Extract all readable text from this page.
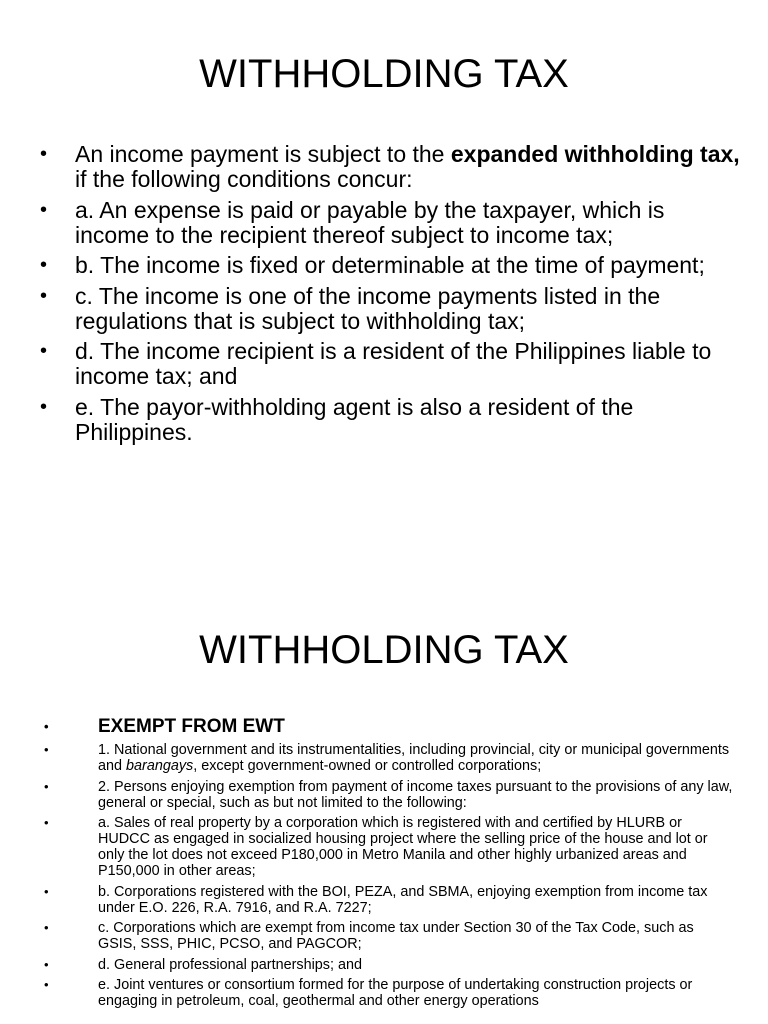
WITHHOLDING TAX
• An income payment is subject to the expanded withholding tax, if the following conditions concur:
• a. An expense is paid or payable by the taxpayer, which is income to the recipient thereof subject to income tax;
• b. The income is fixed or determinable at the time of payment;
• c. The income is one of the income payments listed in the regulations that is subject to withholding tax;
• d. The income recipient is a resident of the Philippines liable to income tax; and
• e. The payor-withholding agent is also a resident of the Philippines.
WITHHOLDING TAX
•	EXEMPT FROM EWT
•	1. National government and its instrumentalities, including provincial, city or municipal governments and barangays, except government-owned or controlled corporations;
•	2. Persons enjoying exemption from payment of income taxes pursuant to the provisions of any law, general or special, such as but not limited to the following:
•	a. Sales of real property by a corporation which is registered with and certified by HLURB or HUDCC as engaged in socialized housing project where the selling price of the house and lot or only the lot does not exceed P180,000 in Metro Manila and other highly urbanized areas and P150,000 in other areas;
•	b. Corporations registered with the BOI, PEZA, and SBMA, enjoying exemption from income tax under E.O. 226, R.A. 7916, and R.A. 7227;
•	c. Corporations which are exempt from income tax under Section 30 of the Tax Code, such as GSIS, SSS, PHIC, PCSO, and PAGCOR;
•	d. General professional partnerships; and
•	e. Joint ventures or consortium formed for the purpose of undertaking construction projects or engaging in petroleum, coal, geothermal and other energy operations
